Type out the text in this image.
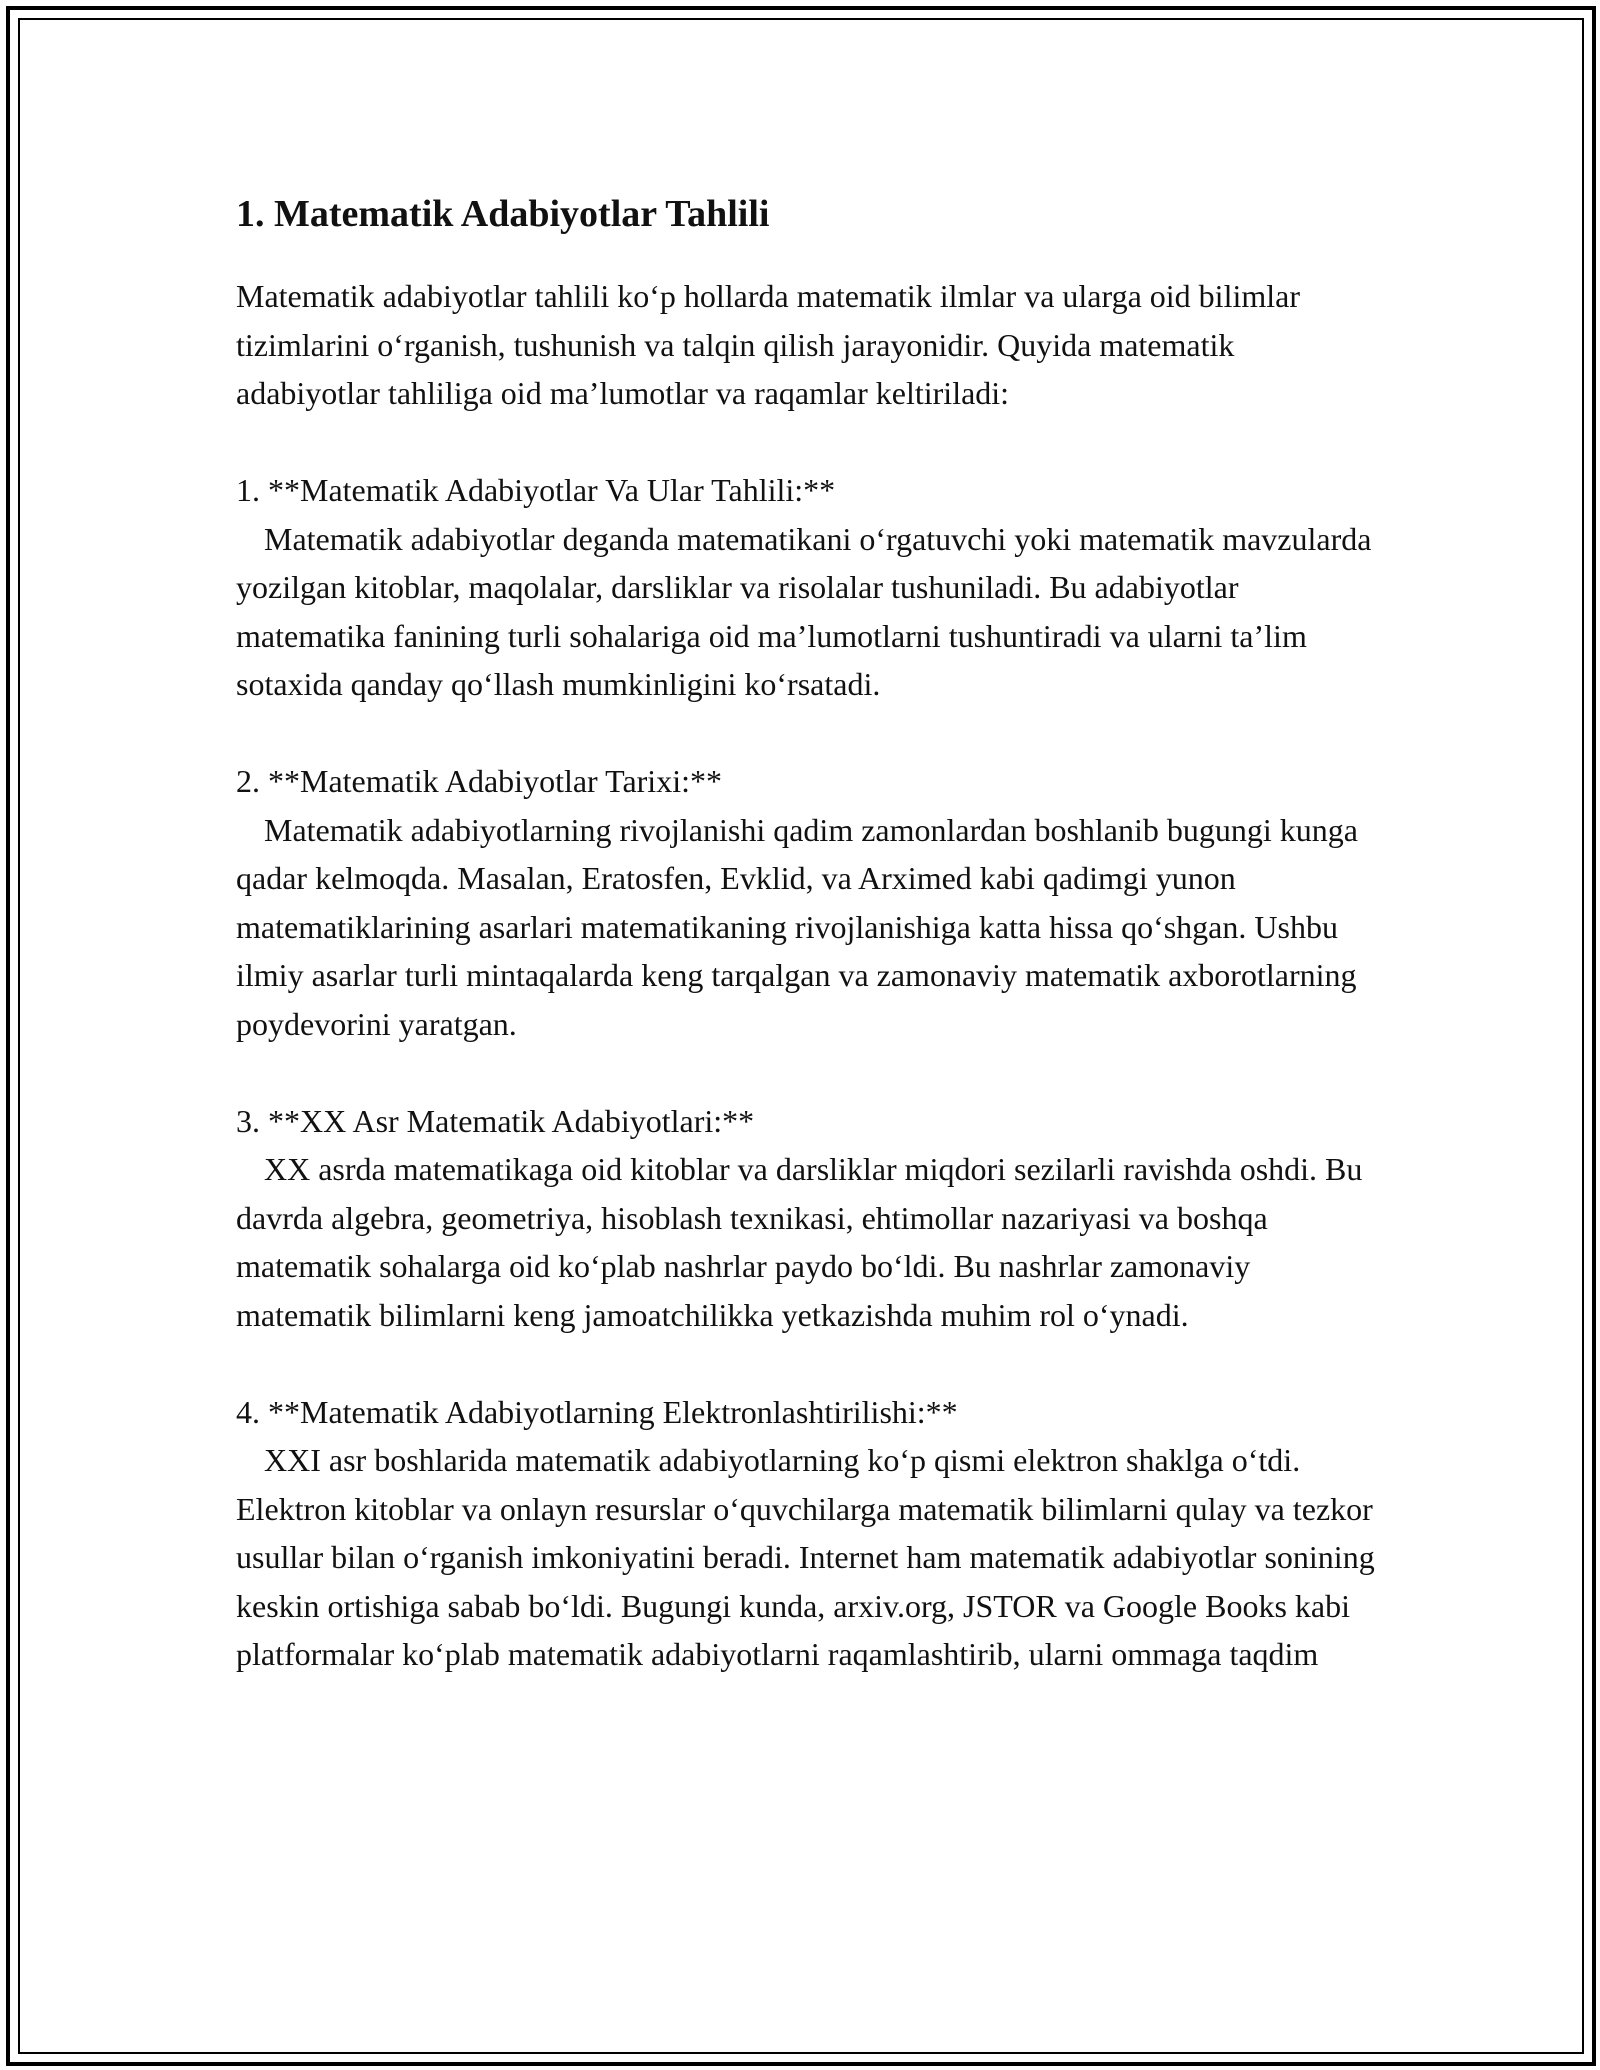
1. Matematik Adabiyotlar Tahlili

Matematik adabiyotlar tahlili ko‘p hollarda matematik ilmlar va ularga oid bilimlar tizimlarini o‘rganish, tushunish va talqin qilish jarayonidir. Quyida matematik adabiyotlar tahliliga oid ma’lumotlar va raqamlar keltiriladi:

1. **Matematik Adabiyotlar Va Ular Tahlili:**

Matematik adabiyotlar deganda matematikani o‘rgatuvchi yoki matematik mavzularda yozilgan kitoblar, maqolalar, darsliklar va risolalar tushuniladi. Bu adabiyotlar matematika fanining turli sohalariga oid ma’lumotlarni tushuntiradi va ularni ta’lim sotaxida qanday qo‘llash mumkinligini ko‘rsatadi.

2. **Matematik Adabiyotlar Tarixi:**

Matematik adabiyotlarning rivojlanishi qadim zamonlardan boshlanib bugungi kunga qadar kelmoqda. Masalan, Eratosfen, Evklid, va Arximed kabi qadimgi yunon matematiklarining asarlari matematikaning rivojlanishiga katta hissa qo‘shgan. Ushbu ilmiy asarlar turli mintaqalarda keng tarqalgan va zamonaviy matematik axborotlarning poydevorini yaratgan.

3. **XX Asr Matematik Adabiyotlari:**

XX asrda matematikaga oid kitoblar va darsliklar miqdori sezilarli ravishda oshdi. Bu davrda algebra, geometriya, hisoblash texnikasi, ehtimollar nazariyasi va boshqa matematik sohalarga oid ko‘plab nashrlar paydo bo‘ldi. Bu nashrlar zamonaviy matematik bilimlarni keng jamoatchilikka yetkazishda muhim rol o‘ynadi.

4. **Matematik Adabiyotlarning Elektronlashtirilishi:**

XXI asr boshlarida matematik adabiyotlarning ko‘p qismi elektron shaklga o‘tdi. Elektron kitoblar va onlayn resurslar o‘quvchilarga matematik bilimlarni qulay va tezkor usullar bilan o‘rganish imkoniyatini beradi. Internet ham matematik adabiyotlar sonining keskin ortishiga sabab bo‘ldi. Bugungi kunda, arxiv.org, JSTOR va Google Books kabi platformalar ko‘plab matematik adabiyotlarni raqamlashtirib, ularni ommaga taqdim
